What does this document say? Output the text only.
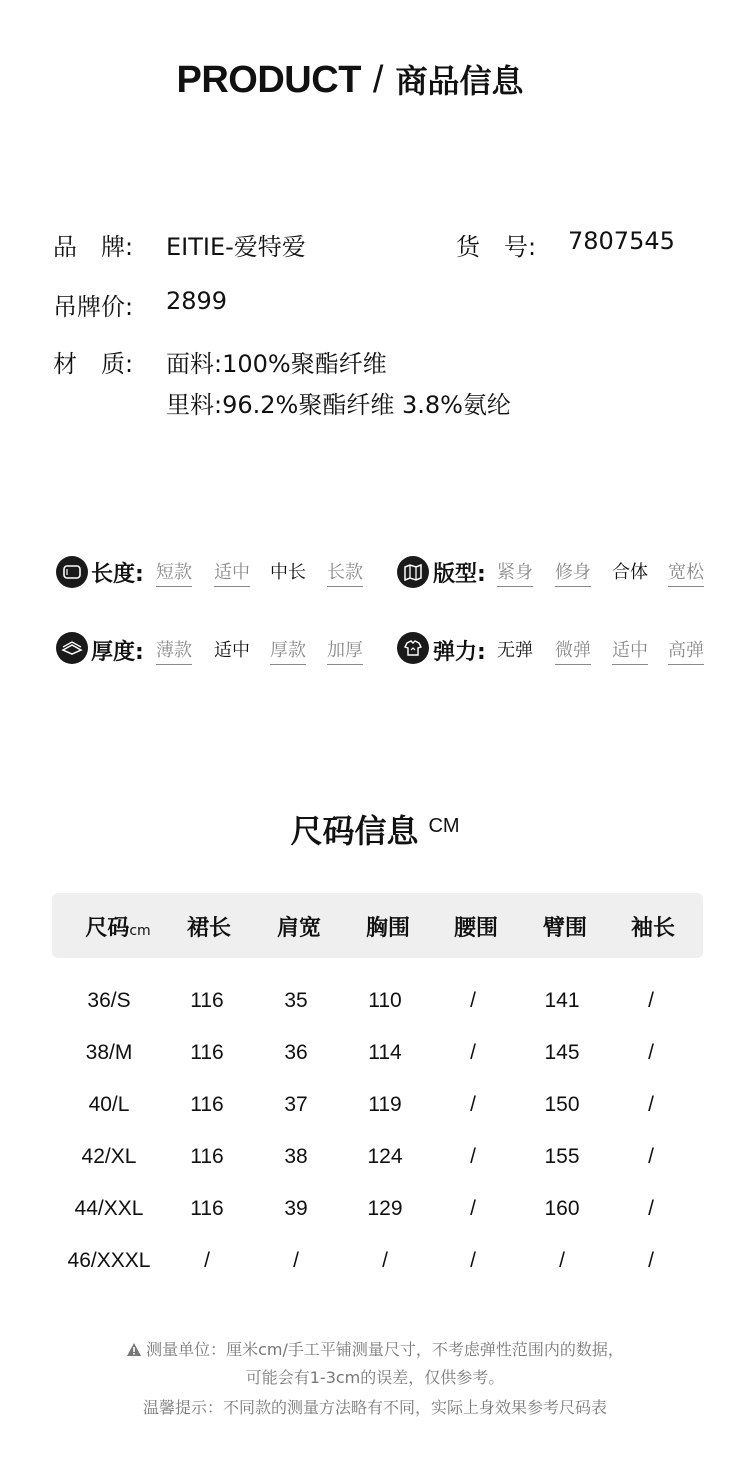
PRODUCT / 商品信息
品　牌: EITIE-爱特爱	货　号: 7807545
吊牌价: 2899
材　质: 面料:100%聚酯纤维
里料:96.2%聚酯纤维 3.8%氨纶
长度: 短款 适中 中长 长款	版型: 紧身 修身 合体 宽松
厚度: 薄款 适中 厚款 加厚	弹力: 无弹 微弹 适中 高弹
尺码信息 CM
尺码cm 裙长 肩宽 胸围 腰围 臂围 袖长
36/S	116	35	110	/	141	/
38/M	116	36	114	/	145	/
40/L	116	37	119	/	150	/
42/XL	116	38	124	/	155	/
44/XXL 116	39	129	/	160	/
46/XXXL	/	/	/	/	/	/
测量单位：厘米cm/手工平铺测量尺寸，不考虑弹性范围内的数据，
可能会有1-3cm的误差，仅供参考。
温馨提示：不同款的测量方法略有不同，实际上身效果参考尺码表
